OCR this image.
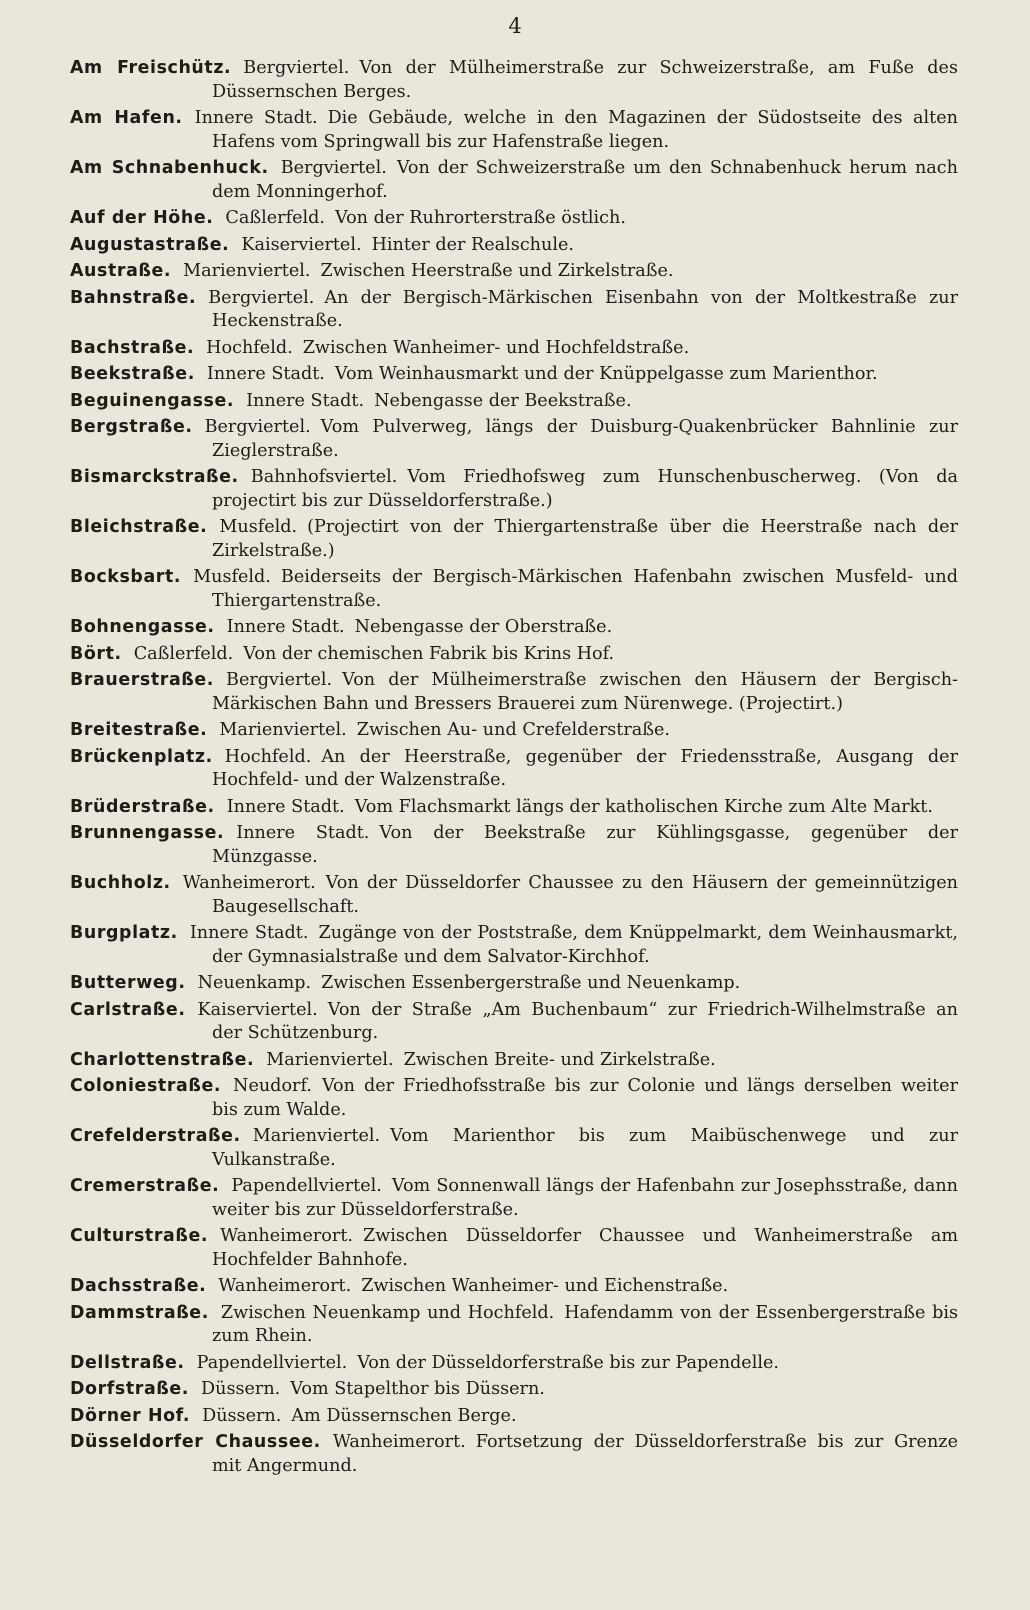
4
Am Freischütz. Bergviertel. Von der Mülheimerstraße zur Schweizerstraße, am Fuße des Düssernschen Berges.
Am Hafen. Innere Stadt. Die Gebäude, welche in den Magazinen der Südostseite des alten Hafens vom Springwall bis zur Hafenstraße liegen.
Am Schnabenhuck. Bergviertel. Von der Schweizerstraße um den Schnabenhuck herum nach dem Monningerhof.
Auf der Höhe. Caßlerfeld. Von der Ruhrorterstraße östlich.
Augustastraße. Kaiserviertel. Hinter der Realschule.
Austraße. Marienviertel. Zwischen Heerstraße und Zirkelstraße.
Bahnstraße. Bergviertel. An der Bergisch-Märkischen Eisenbahn von der Moltkestraße zur Heckenstraße.
Bachstraße. Hochfeld. Zwischen Wanheimer- und Hochfeldstraße.
Beekstraße. Innere Stadt. Vom Weinhausmarkt und der Knüppelgasse zum Marienthor.
Beguinengasse. Innere Stadt. Nebengasse der Beekstraße.
Bergstraße. Bergviertel. Vom Pulverweg, längs der Duisburg-Quakenbrücker Bahnlinie zur Zieglerstraße.
Bismarckstraße. Bahnhofsviertel. Vom Friedhofsweg zum Hunschenbuscherweg. (Von da projectirt bis zur Düsseldorferstraße.)
Bleichstraße. Musfeld. (Projectirt von der Thiergartenstraße über die Heerstraße nach der Zirkelstraße.)
Bocksbart. Musfeld. Beiderseits der Bergisch-Märkischen Hafenbahn zwischen Musfeld- und Thiergartenstraße.
Bohnengasse. Innere Stadt. Nebengasse der Oberstraße.
Bört. Caßlerfeld. Von der chemischen Fabrik bis Krins Hof.
Brauerstraße. Bergviertel. Von der Mülheimerstraße zwischen den Häusern der Bergisch-Märkischen Bahn und Bressers Brauerei zum Nürenwege. (Projectirt.)
Breitestraße. Marienviertel. Zwischen Au- und Crefelderstraße.
Brückenplatz. Hochfeld. An der Heerstraße, gegenüber der Friedensstraße, Ausgang der Hochfeld- und der Walzenstraße.
Brüderstraße. Innere Stadt. Vom Flachsmarkt längs der katholischen Kirche zum Alte Markt.
Brunnengasse. Innere Stadt. Von der Beekstraße zur Kühlingsgasse, gegenüber der Münzgasse.
Buchholz. Wanheimerort. Von der Düsseldorfer Chaussee zu den Häusern der gemeinnützigen Baugesellschaft.
Burgplatz. Innere Stadt. Zugänge von der Poststraße, dem Knüppelmarkt, dem Weinhausmarkt, der Gymnasialstraße und dem Salvator-Kirchhof.
Butterweg. Neuenkamp. Zwischen Essenbergerstraße und Neuenkamp.
Carlstraße. Kaiserviertel. Von der Straße „Am Buchenbaum“ zur Friedrich-Wilhelmstraße an der Schützenburg.
Charlottenstraße. Marienviertel. Zwischen Breite- und Zirkelstraße.
Coloniestraße. Neudorf. Von der Friedhofsstraße bis zur Colonie und längs derselben weiter bis zum Walde.
Crefelderstraße. Marienviertel. Vom Marienthor bis zum Maibüschenwege und zur Vulkanstraße.
Cremerstraße. Papendellviertel. Vom Sonnenwall längs der Hafenbahn zur Josephsstraße, dann weiter bis zur Düsseldorferstraße.
Culturstraße. Wanheimerort. Zwischen Düsseldorfer Chaussee und Wanheimerstraße am Hochfelder Bahnhofe.
Dachsstraße. Wanheimerort. Zwischen Wanheimer- und Eichenstraße.
Dammstraße. Zwischen Neuenkamp und Hochfeld. Hafendamm von der Essenbergerstraße bis zum Rhein.
Dellstraße. Papendellviertel. Von der Düsseldorferstraße bis zur Papendelle.
Dorfstraße. Düssern. Vom Stapelthor bis Düssern.
Dörner Hof. Düssern. Am Düssernschen Berge.
Düsseldorfer Chaussee. Wanheimerort. Fortsetzung der Düsseldorferstraße bis zur Grenze mit Angermund.
